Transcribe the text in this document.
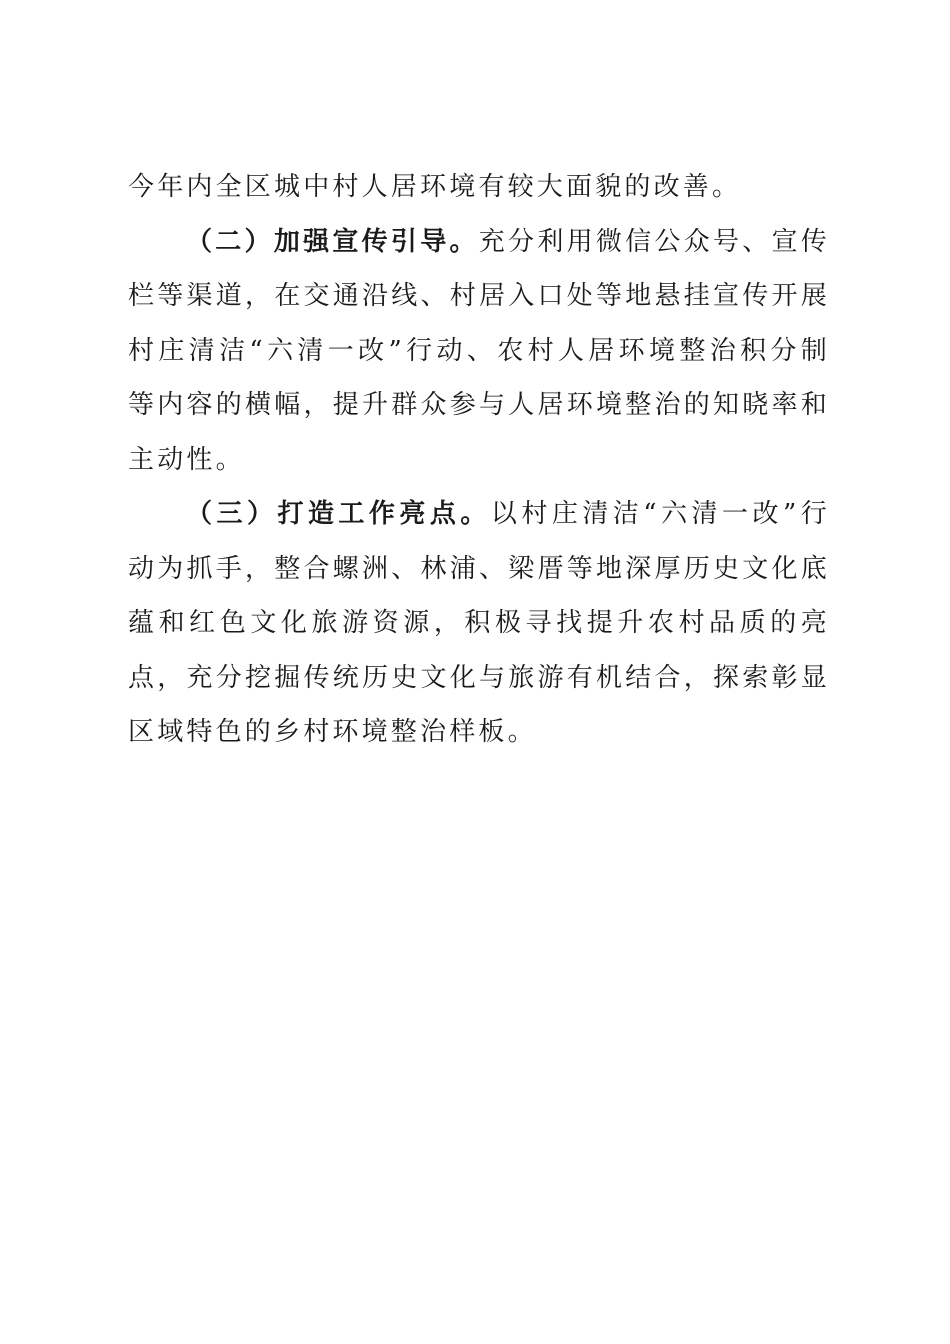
今年内全区城中村人居环境有较大面貌的改善。

（二）加强宣传引导。充分利用微信公众号、宣传栏等渠道，在交通沿线、村居入口处等地悬挂宣传开展村庄清洁“六清一改”行动、农村人居环境整治积分制等内容的横幅，提升群众参与人居环境整治的知晓率和主动性。

（三）打造工作亮点。以村庄清洁“六清一改”行动为抓手，整合螺洲、林浦、梁厝等地深厚历史文化底蕴和红色文化旅游资源，积极寻找提升农村品质的亮点，充分挖掘传统历史文化与旅游有机结合，探索彰显区域特色的乡村环境整治样板。
